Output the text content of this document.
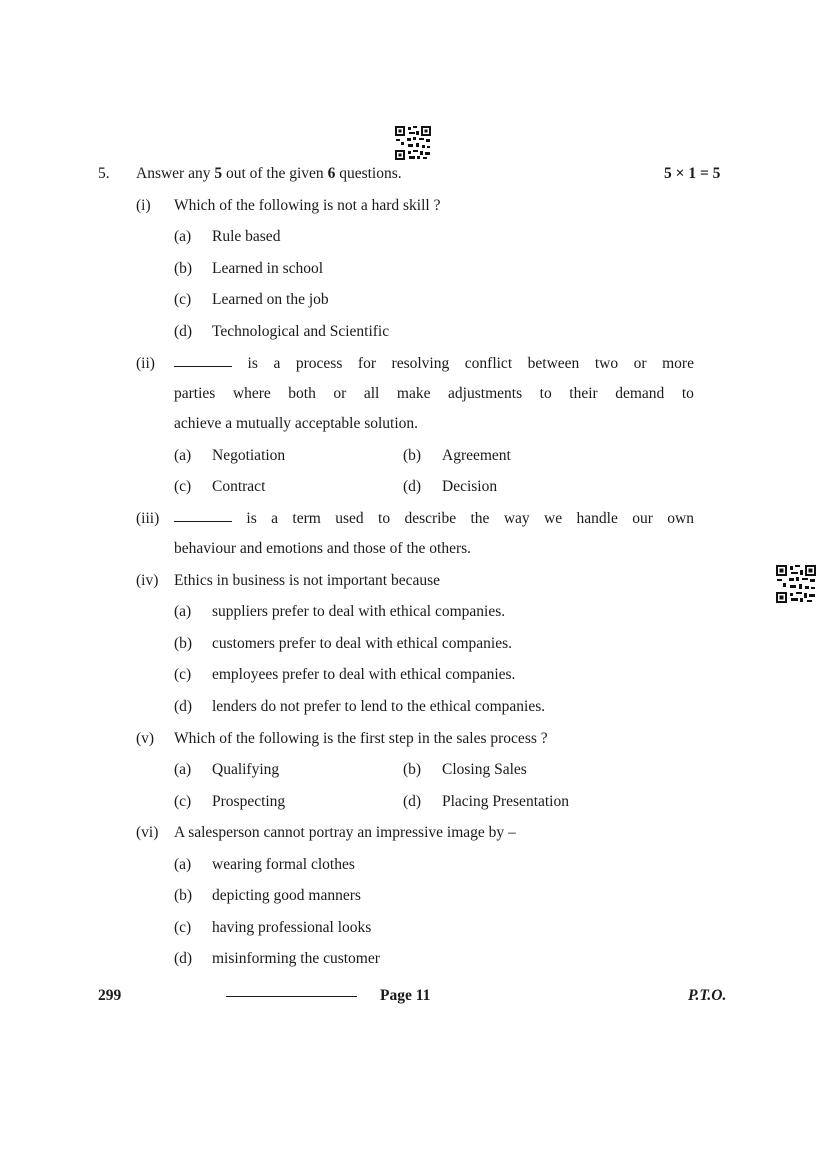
5. Answer any 5 out of the given 6 questions.	5 × 1 = 5
(i) Which of the following is not a hard skill ?
(a) Rule based
(b) Learned in school
(c) Learned on the job
(d) Technological and Scientific
(ii)	is a process for resolving conflict between two or more
parties where both or all make adjustments to their demand to
achieve a mutually acceptable solution.
(a) Negotiation	(b) Agreement
(c) Contract	(d) Decision
(iii)	is a term used to describe the way we handle our own
behaviour and emotions and those of the others.
(iv) Ethics in business is not important because
(a) suppliers prefer to deal with ethical companies.
(b) customers prefer to deal with ethical companies.
(c) employees prefer to deal with ethical companies.
(d) lenders do not prefer to lend to the ethical companies.
(v) Which of the following is the first step in the sales process ?
(a) Qualifying	(b) Closing Sales
(c) Prospecting	(d) Placing Presentation
(vi) A salesperson cannot portray an impressive image by –
(a) wearing formal clothes
(b) depicting good manners
(c) having professional looks
(d) misinforming the customer
299	Page 11	P.T.O.
